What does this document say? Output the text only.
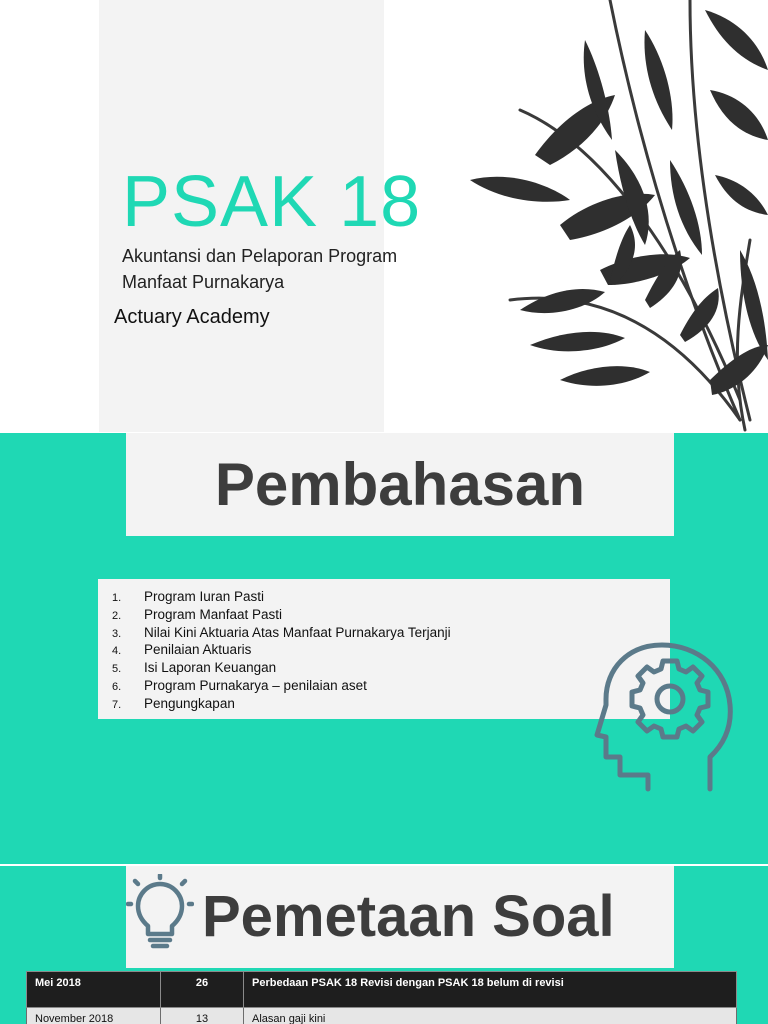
PSAK 18
Akuntansi dan Pelaporan Program Manfaat Purnakarya
Actuary Academy
Pembahasan
1.	Program Iuran Pasti
2.	Program Manfaat Pasti
3.	Nilai Kini Aktuaria Atas Manfaat Purnakarya Terjanji
4.	Penilaian Aktuaris
5.	Isi Laporan Keuangan
6.	Program Purnakarya – penilaian aset
7.	Pengungkapan
Pemetaan Soal
Mei 2018	26	Perbedaan PSAK 18 Revisi dengan PSAK 18 belum di revisi
November 2018	13	Alasan gaji kini
